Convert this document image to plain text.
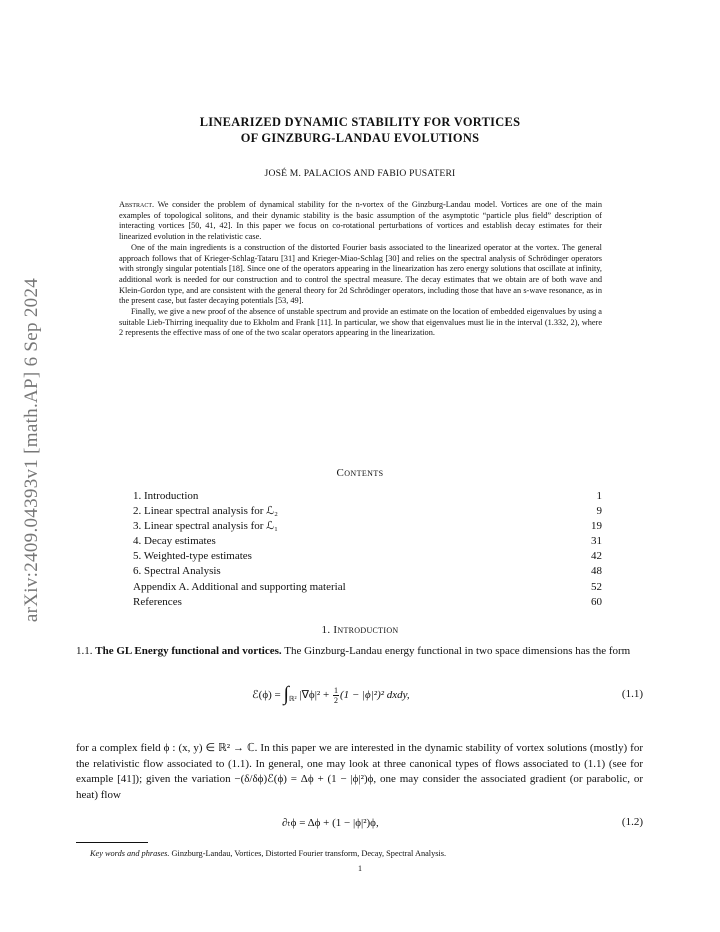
arXiv:2409.04393v1 [math.AP] 6 Sep 2024
LINEARIZED DYNAMIC STABILITY FOR VORTICES
OF GINZBURG-LANDAU EVOLUTIONS
JOSÉ M. PALACIOS AND FABIO PUSATERI

Abstract. We consider the problem of dynamical stability for the n-vortex of the Ginzburg-Landau model. Vortices are one of the main examples of topological solitons, and their dynamic stability is the basic assumption of the asymptotic “particle plus field” description of interacting vortices [50, 41, 42]. In this paper we focus on co-rotational perturbations of vortices and establish decay estimates for their linearized evolution in the relativistic case.

One of the main ingredients is a construction of the distorted Fourier basis associated to the linearized operator at the vortex. The general approach follows that of Krieger-Schlag-Tataru [31] and Krieger-Miao-Schlag [30] and relies on the spectral analysis of Schrödinger operators with strongly singular potentials [18]. Since one of the operators appearing in the linearization has zero energy solutions that oscillate at infinity, additional work is needed for our construction and to control the spectral measure. The decay estimates that we obtain are of both wave and Klein-Gordon type, and are consistent with the general theory for 2d Schrödinger operators, including those that have an s-wave resonance, as in the present case, but faster decaying potentials [53, 49].

Finally, we give a new proof of the absence of unstable spectrum and provide an estimate on the location of embedded eigenvalues by using a suitable Lieb-Thirring inequality due to Ekholm and Frank [11]. In particular, we show that eigenvalues must lie in the interval (1.332, 2), where 2 represents the effective mass of one of the two scalar operators appearing in the linearization.

Contents
1. Introduction	1
2. Linear spectral analysis for ℒ₂	9
3. Linear spectral analysis for ℒ₁	19
4. Decay estimates	31
5. Weighted-type estimates	42
6. Spectral Analysis	48
Appendix A. Additional and supporting material	52
References	60
1. Introduction
1.1. The GL Energy functional and vortices. The Ginzburg-Landau energy functional in two space dimensions has the form
ℰ(ϕ) = $\int_{ℝ^2}$ $|\nabla\phi|^2 + \frac{1}{2} (1 - |\phi|^2)^2$ dxdy,	(1.1)
for a complex field ϕ : (x, y) ∈ ℝ² → ℂ. In this paper we are interested in the dynamic stability of vortex solutions (mostly) for the relativistic flow associated to (1.1). In general, one may look at three canonical types of flows associated to (1.1) (see for example [41]); given the variation −(δ/δϕ)ℰ(ϕ) = Δϕ + (1 − |ϕ|²)ϕ, one may consider the associated gradient (or parabolic, or heat) flow
∂ₜϕ = Δϕ + (1 − |ϕ|²)ϕ,	(1.2)
Key words and phrases. Ginzburg-Landau, Vortices, Distorted Fourier transform, Decay, Spectral Analysis.
1
